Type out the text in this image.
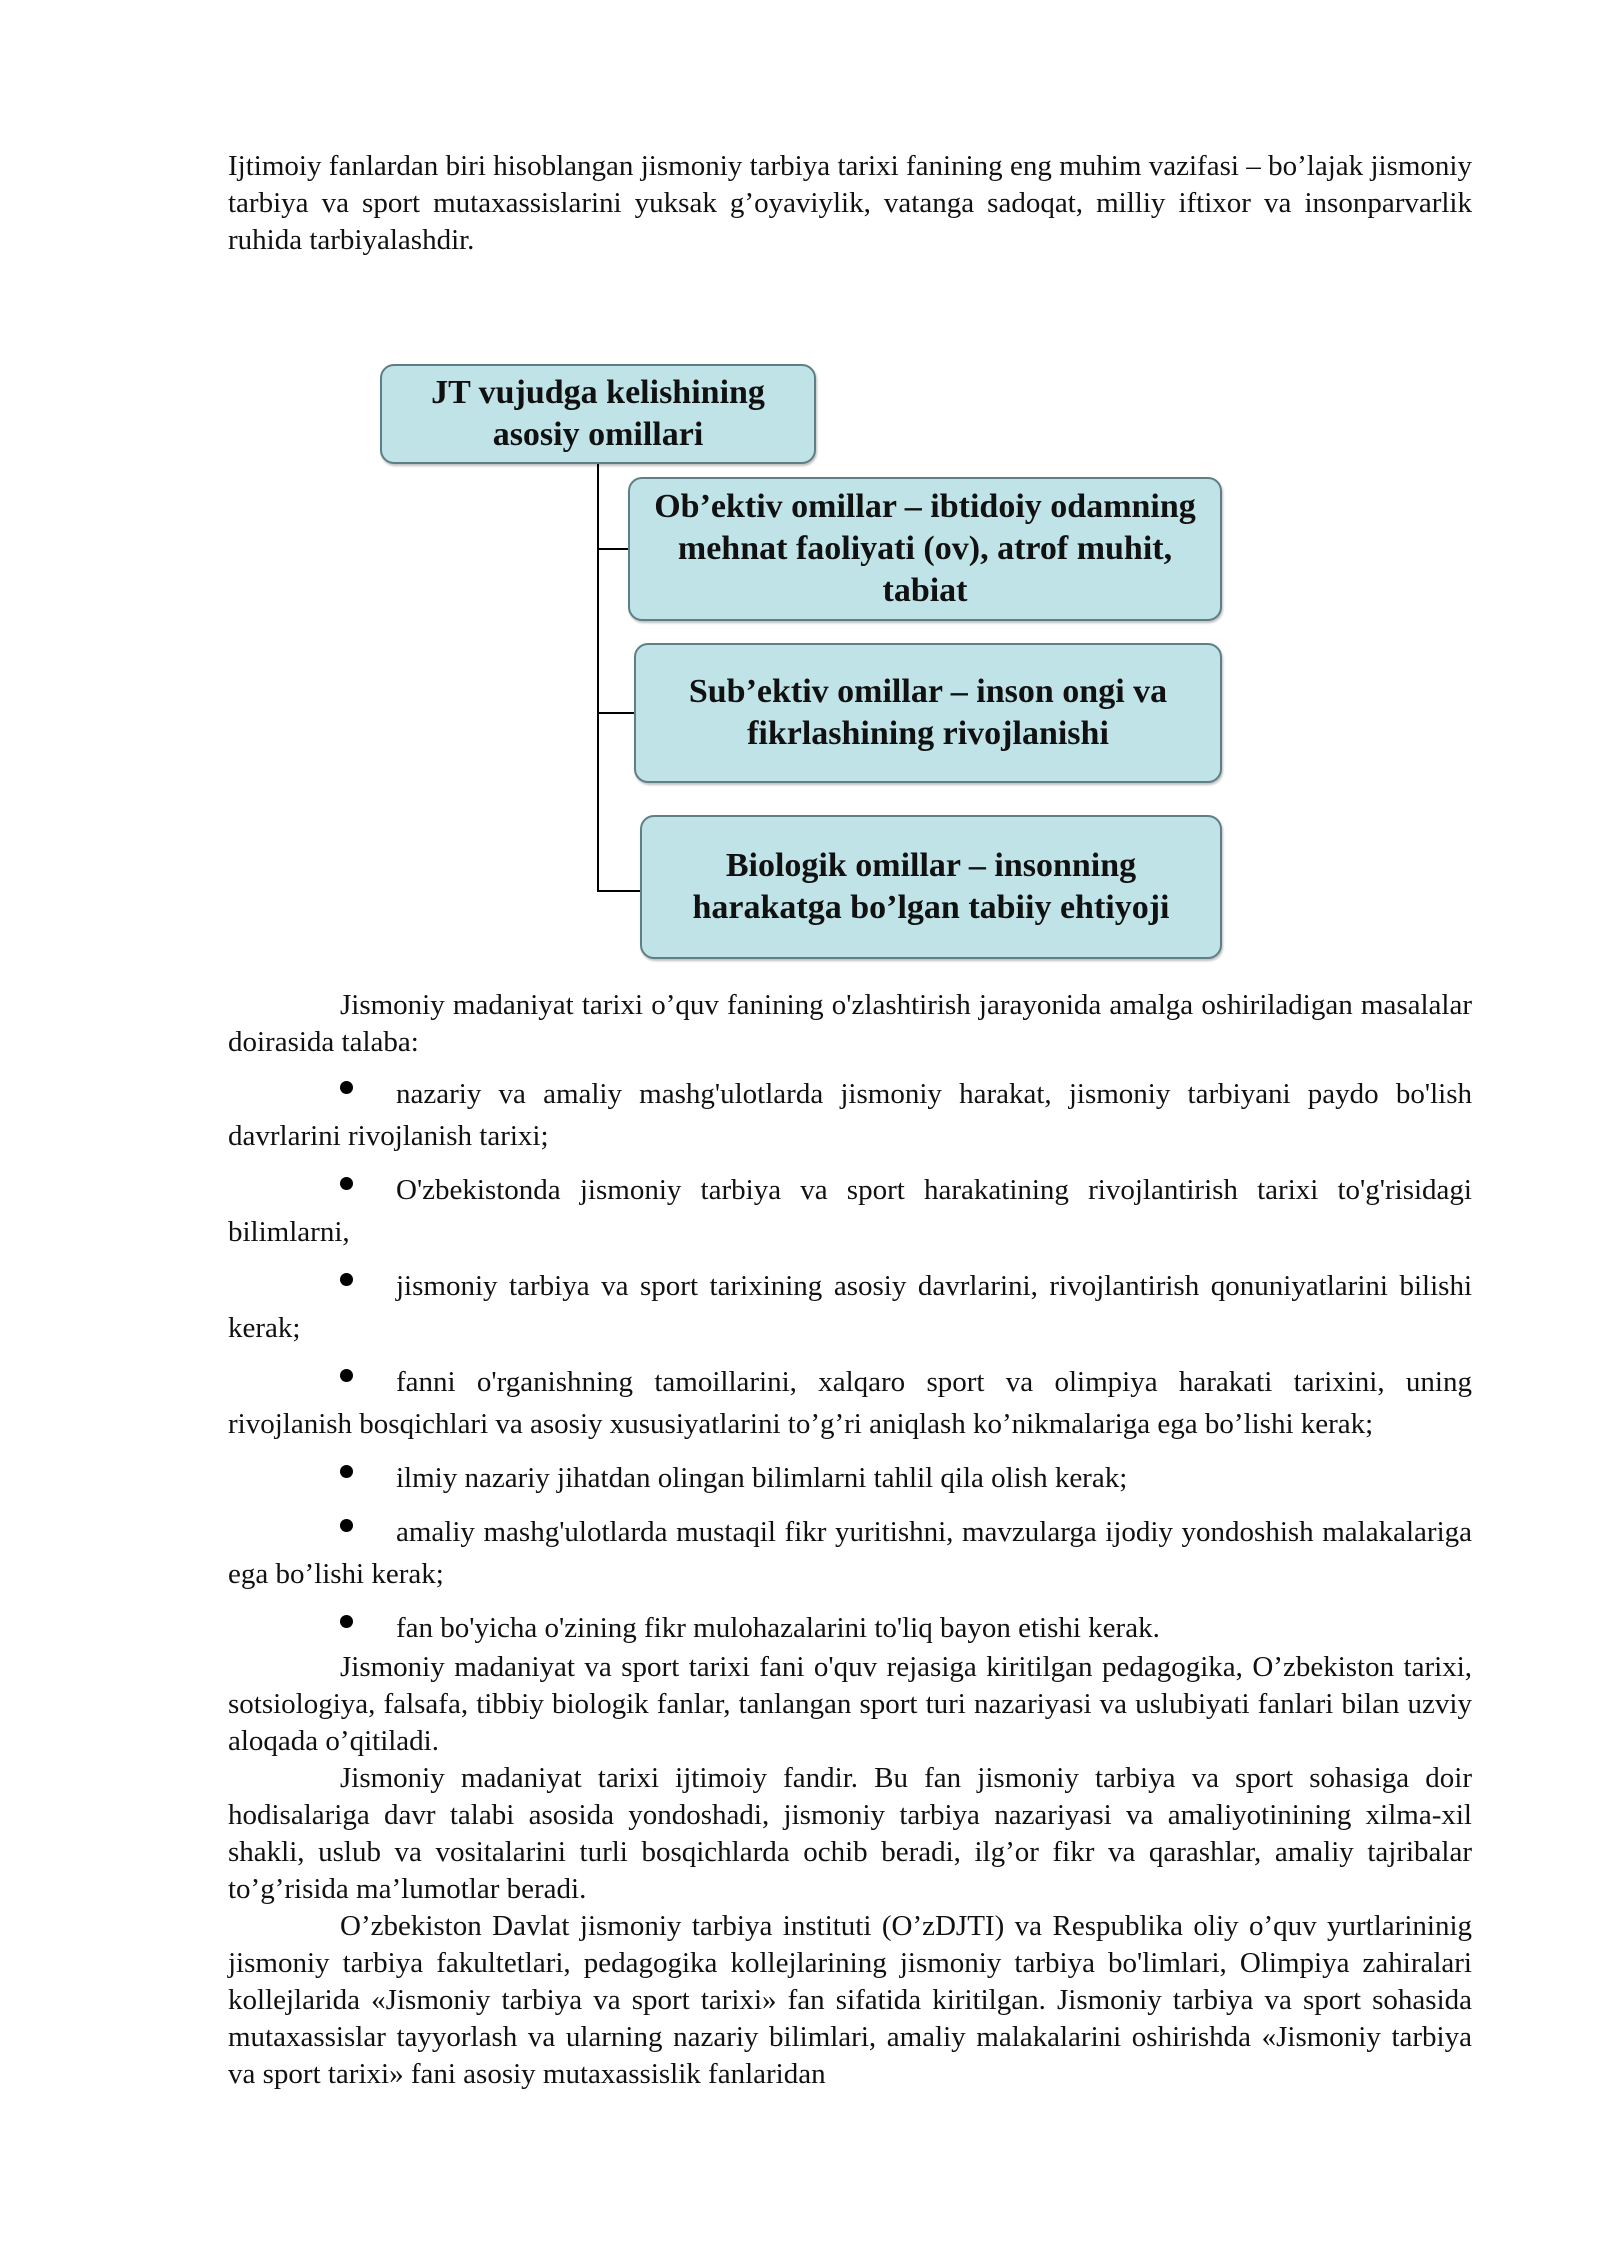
Ijtimoiy fanlardan biri hisoblangan jismoniy tarbiya tarixi fanining eng muhim vazifasi – bo’lajak jismoniy tarbiya va sport mutaxassislarini yuksak g’oyaviylik, vatanga sadoqat, milliy iftixor va insonparvarlik ruhida tarbiyalashdir.

JT vujudga kelishining asosiy omillari
Ob’ektiv omillar – ibtidoiy odamning mehnat faoliyati (ov), atrof muhit, tabiat
Sub’ektiv omillar – inson ongi va fikrlashining rivojlanishi
Biologik omillar – insonning harakatga bo’lgan tabiiy ehtiyoji

Jismoniy madaniyat tarixi o’quv fanining o'zlashtirish jarayonida amalga oshiriladigan masalalar doirasida talaba:

nazariy va amaliy mashg'ulotlarda jismoniy harakat, jismoniy tarbiyani paydo bo'lish davrlarini rivojlanish tarixi;

O'zbekistonda jismoniy tarbiya va sport harakatining rivojlantirish tarixi to'g'risidagi bilimlarni,

jismoniy tarbiya va sport tarixining asosiy davrlarini, rivojlantirish qonuniyatlarini bilishi kerak;

fanni o'rganishning tamoillarini, xalqaro sport va olimpiya harakati tarixini, uning rivojlanish bosqichlari va asosiy xususiyatlarini to’g’ri aniqlash ko’nikmalariga ega bo’lishi kerak;

ilmiy nazariy jihatdan olingan bilimlarni tahlil qila olish kerak;

amaliy mashg'ulotlarda mustaqil fikr yuritishni, mavzularga ijodiy yondoshish malakalariga ega bo’lishi kerak;

fan bo'yicha o'zining fikr mulohazalarini to'liq bayon etishi kerak.

Jismoniy madaniyat va sport tarixi fani o'quv rejasiga kiritilgan pedagogika, O’zbekiston tarixi, sotsiologiya, falsafa, tibbiy biologik fanlar, tanlangan sport turi nazariyasi va uslubiyati fanlari bilan uzviy aloqada o’qitiladi.

Jismoniy madaniyat tarixi ijtimoiy fandir. Bu fan jismoniy tarbiya va sport sohasiga doir hodisalariga davr talabi asosida yondoshadi, jismoniy tarbiya nazariyasi va amaliyotinining xilma-xil shakli, uslub va vositalarini turli bosqichlarda ochib beradi, ilg’or fikr va qarashlar, amaliy tajribalar to’g’risida ma’lumotlar beradi.

O’zbekiston Davlat jismoniy tarbiya instituti (O’zDJTI) va Respublika oliy o’quv yurtlarininig jismoniy tarbiya fakultetlari, pedagogika kollejlarining jismoniy tarbiya bo'limlari, Olimpiya zahiralari kollejlarida «Jismoniy tarbiya va sport tarixi» fan sifatida kiritilgan. Jismoniy tarbiya va sport sohasida mutaxassislar tayyorlash va ularning nazariy bilimlari, amaliy malakalarini oshirishda «Jismoniy tarbiya va sport tarixi» fani asosiy mutaxassislik fanlaridan
